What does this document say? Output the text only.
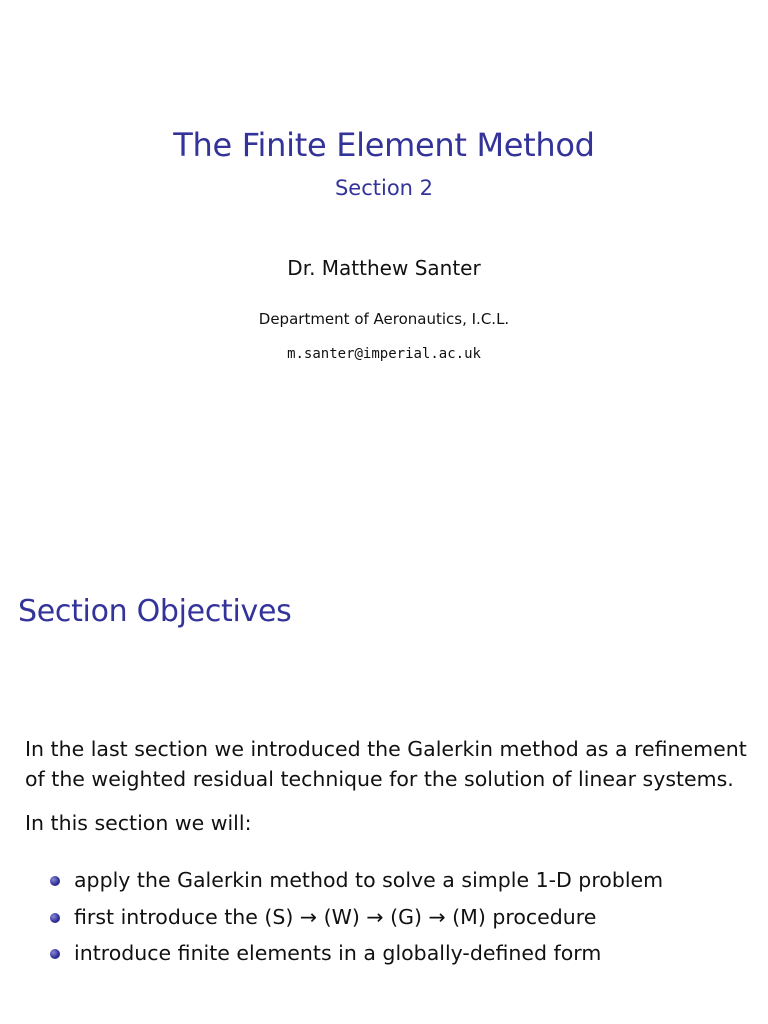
The Finite Element Method
Section 2
Dr. Matthew Santer
Department of Aeronautics, I.C.L.
m.santer@imperial.ac.uk
Section Objectives
In the last section we introduced the Galerkin method as a refinement of the weighted residual technique for the solution of linear systems.
In this section we will:
apply the Galerkin method to solve a simple 1-D problem
first introduce the (S) → (W) → (G) → (M) procedure
introduce finite elements in a globally-defined form
